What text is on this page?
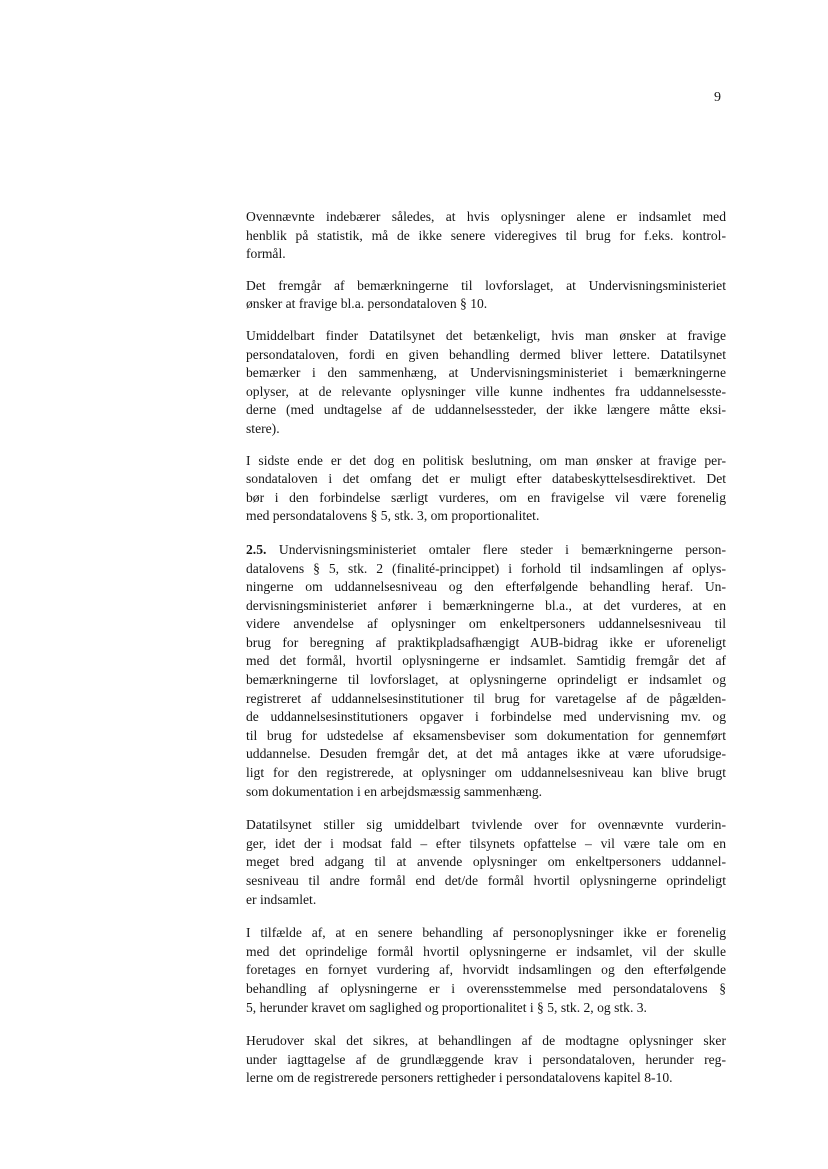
9
Ovennævnte indebærer således, at hvis oplysninger alene er indsamlet med
henblik på statistik, må de ikke senere videregives til brug for f.eks. kontrol-
formål.
Det fremgår af bemærkningerne til lovforslaget, at Undervisningsministeriet
ønsker at fravige bl.a. persondataloven § 10.
Umiddelbart finder Datatilsynet det betænkeligt, hvis man ønsker at fravige
persondataloven, fordi en given behandling dermed bliver lettere. Datatilsynet
bemærker i den sammenhæng, at Undervisningsministeriet i bemærkningerne
oplyser, at de relevante oplysninger ville kunne indhentes fra uddannelsesste-
derne (med undtagelse af de uddannelsessteder, der ikke længere måtte eksi-
stere).
I sidste ende er det dog en politisk beslutning, om man ønsker at fravige per-
sondataloven i det omfang det er muligt efter databeskyttelsesdirektivet. Det
bør i den forbindelse særligt vurderes, om en fravigelse vil være forenelig
med persondatalovens § 5, stk. 3, om proportionalitet.
2.5. Undervisningsministeriet omtaler flere steder i bemærkningerne person-
datalovens § 5, stk. 2 (finalité-princippet) i forhold til indsamlingen af oplys-
ningerne om uddannelsesniveau og den efterfølgende behandling heraf. Un-
dervisningsministeriet anfører i bemærkningerne bl.a., at det vurderes, at en
videre anvendelse af oplysninger om enkeltpersoners uddannelsesniveau til
brug for beregning af praktikpladsafhængigt AUB-bidrag ikke er uforeneligt
med det formål, hvortil oplysningerne er indsamlet. Samtidig fremgår det af
bemærkningerne til lovforslaget, at oplysningerne oprindeligt er indsamlet og
registreret af uddannelsesinstitutioner til brug for varetagelse af de pågælden-
de uddannelsesinstitutioners opgaver i forbindelse med undervisning mv. og
til brug for udstedelse af eksamensbeviser som dokumentation for gennemført
uddannelse. Desuden fremgår det, at det må antages ikke at være uforudsige-
ligt for den registrerede, at oplysninger om uddannelsesniveau kan blive brugt
som dokumentation i en arbejdsmæssig sammenhæng.
Datatilsynet stiller sig umiddelbart tvivlende over for ovennævnte vurderin-
ger, idet der i modsat fald – efter tilsynets opfattelse – vil være tale om en
meget bred adgang til at anvende oplysninger om enkeltpersoners uddannel-
sesniveau til andre formål end det/de formål hvortil oplysningerne oprindeligt
er indsamlet.
I tilfælde af, at en senere behandling af personoplysninger ikke er forenelig
med det oprindelige formål hvortil oplysningerne er indsamlet, vil der skulle
foretages en fornyet vurdering af, hvorvidt indsamlingen og den efterfølgende
behandling af oplysningerne er i overensstemmelse med persondatalovens §
5, herunder kravet om saglighed og proportionalitet i § 5, stk. 2, og stk. 3.
Herudover skal det sikres, at behandlingen af de modtagne oplysninger sker
under iagttagelse af de grundlæggende krav i persondataloven, herunder reg-
lerne om de registrerede personers rettigheder i persondatalovens kapitel 8-10.
